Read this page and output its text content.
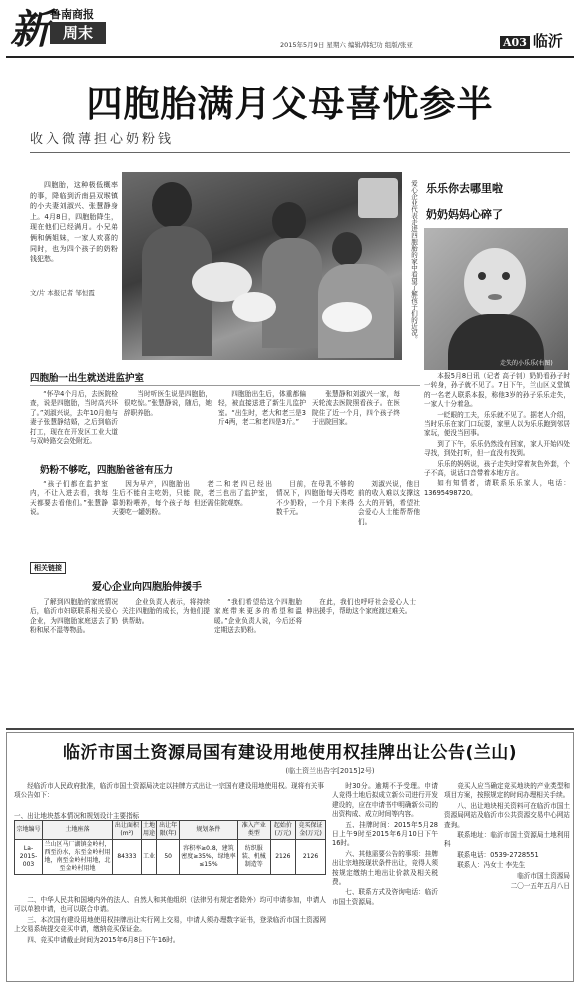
新 鲁南商报
周末
2015年5月9日 星期六 编辑/韩纪功 组版/张亚	A03 临沂
四胞胎满月父母喜忧参半
收入微薄担心奶粉钱

四胞胎，这种极低概率的事，降临到沂南县双堠镇的小夫妻刘淑兴、张慧静身上。4月8日，四胞胎降生，现在他们已经满月。小兄弟俩和俩姐妹，一家人欢喜的同时，也为四个孩子的奶粉钱犯愁。

文/片 本报记者 邹恒霞	爱心企业代表走进四胞胎的家中看望了解孩子们的近况。 乐乐你去哪里啦
奶奶妈妈心碎了
走失的小乐乐(右图)

本报5月8日讯（记者 高子钊）奶奶看孙子时一转身，孙子就不见了。7日下午，兰山区义堂镇的一名老人联系本报，称他3岁的孙子乐乐走失，一家人十分着急。

一眨眼的工夫，乐乐就不见了。据老人介绍，当时乐乐在家门口玩耍，家里人以为乐乐跑到邻居家玩，便没当回事。

到了下午，乐乐仍然没有回家，家人开始四处寻找，到处打听，但一直没有找到。

乐乐的妈妈说，孩子走失时穿着灰色外套，个子不高，说话口音带着本地方言。

如有知情者，请联系乐乐家人，电话：13695498720。

四胞胎一出生就送进监护室

“怀孕4个月后，去医院检查，说是四胞胎，当时高兴坏了。”刘淑兴说，去年10月他与妻子张慧静结婚，之后到临沂打工，现在在开发区工业大道与双岭路交会处附近。

当时听医生说是四胞胎，很吃惊。”张慧静说，随后，她辞职养胎。

四胞胎出生后，体重都偏轻，被直接送进了新生儿监护室。“出生时，老大和老三是3斤4两，老二和老四是3斤。”

张慧静和刘淑兴一家，每天轮流去医院照看孩子。在医院住了近一个月，四个孩子终于出院回家。

奶粉不够吃，四胞胎爸爸有压力

“孩子们都在监护室内，不让入进去看，我每天都要去看他们。”张慧静说。

因为早产，四胞胎出生后不能自主吃奶，只能靠奶粉喂养，每个孩子每天要吃一罐奶粉。

老二和老四已经出院，老三也出了监护室，但还需住院观察。

目前，在母乳不够的情况下，四胞胎每天得吃不少奶粉，一个月下来得数千元。

刘淑兴说，他目前的收入难以支撑这么大的开销，希望社会爱心人士能帮帮他们。

相关链接
爱心企业向四胞胎伸援手

了解到四胞胎的家庭情况后，临沂市妇联联系相关爱心企业，为四胞胎家庭送去了奶粉和尿不湿等物品。

企业负责人表示，将持续关注四胞胎的成长，为他们提供帮助。

“我们希望给这个四胞胎家庭带来更多的希望和温暖。”企业负责人说，今后还将定期送去奶粉。

在此，我们也呼吁社会爱心人士伸出援手，帮助这个家庭渡过难关。

临沂市国土资源局国有建设用地使用权挂牌出让公告(兰山)
(临土资兰出告字[2015]2号)

经临沂市人民政府批准，临沂市国土资源局决定以挂牌方式出让一宗国有建设用地使用权。现将有关事项公告如下：

一、出让地块基本情况和规划设计主要指标
宗地编号	土地座落	出让面积(m²)	土地用途	出让年限(年)	规划条件	准入产业类型	起始价(万元)	竞买保证金(万元)
La-2015-003	兰山区马厂湖镇金岭村，西至汾水，东至金岭村用地，南至金岭村用地，北至金岭村用地	84333	工业	50	容积率≥0.8，建筑密度≥35%，绿地率≤15%	纺织服装、机械制造等	2126	2126

二、中华人民共和国境内外的法人、自然人和其他组织（法律另有规定者除外）均可申请参加，申请人可以单独申请，也可以联合申请。

三、本次国有建设用地使用权挂牌出让实行网上交易，申请人须办理数字证书，登录临沂市国土资源网上交易系统提交竞买申请，缴纳竞买保证金。

四、竞买申请截止时间为2015年6月8日下午16时。

时30分。逾期不予受理。申请人竞得土地后拟成立新公司进行开发建设的，应在申请书中明确新公司的出资构成、成立时间等内容。

五、挂牌时间：2015年5月28日上午9时至2015年6月10日下午16时。

六、其他需要公告的事项：挂牌出让宗地按现状条件出让，竞得人须按规定缴纳土地出让价款及相关税费。

七、联系方式及咨询电话：临沂市国土资源局。

竞买人应当确定竞买地块的产业类型和项目方案，按照规定的时间办理相关手续。

八、出让地块相关资料可在临沂市国土资源局网站及临沂市公共资源交易中心网站查询。

联系地址：临沂市国土资源局土地利用科

联系电话：0539-2728551

联系人：冯女士 李先生

临沂市国土资源局

二〇一五年五月八日
